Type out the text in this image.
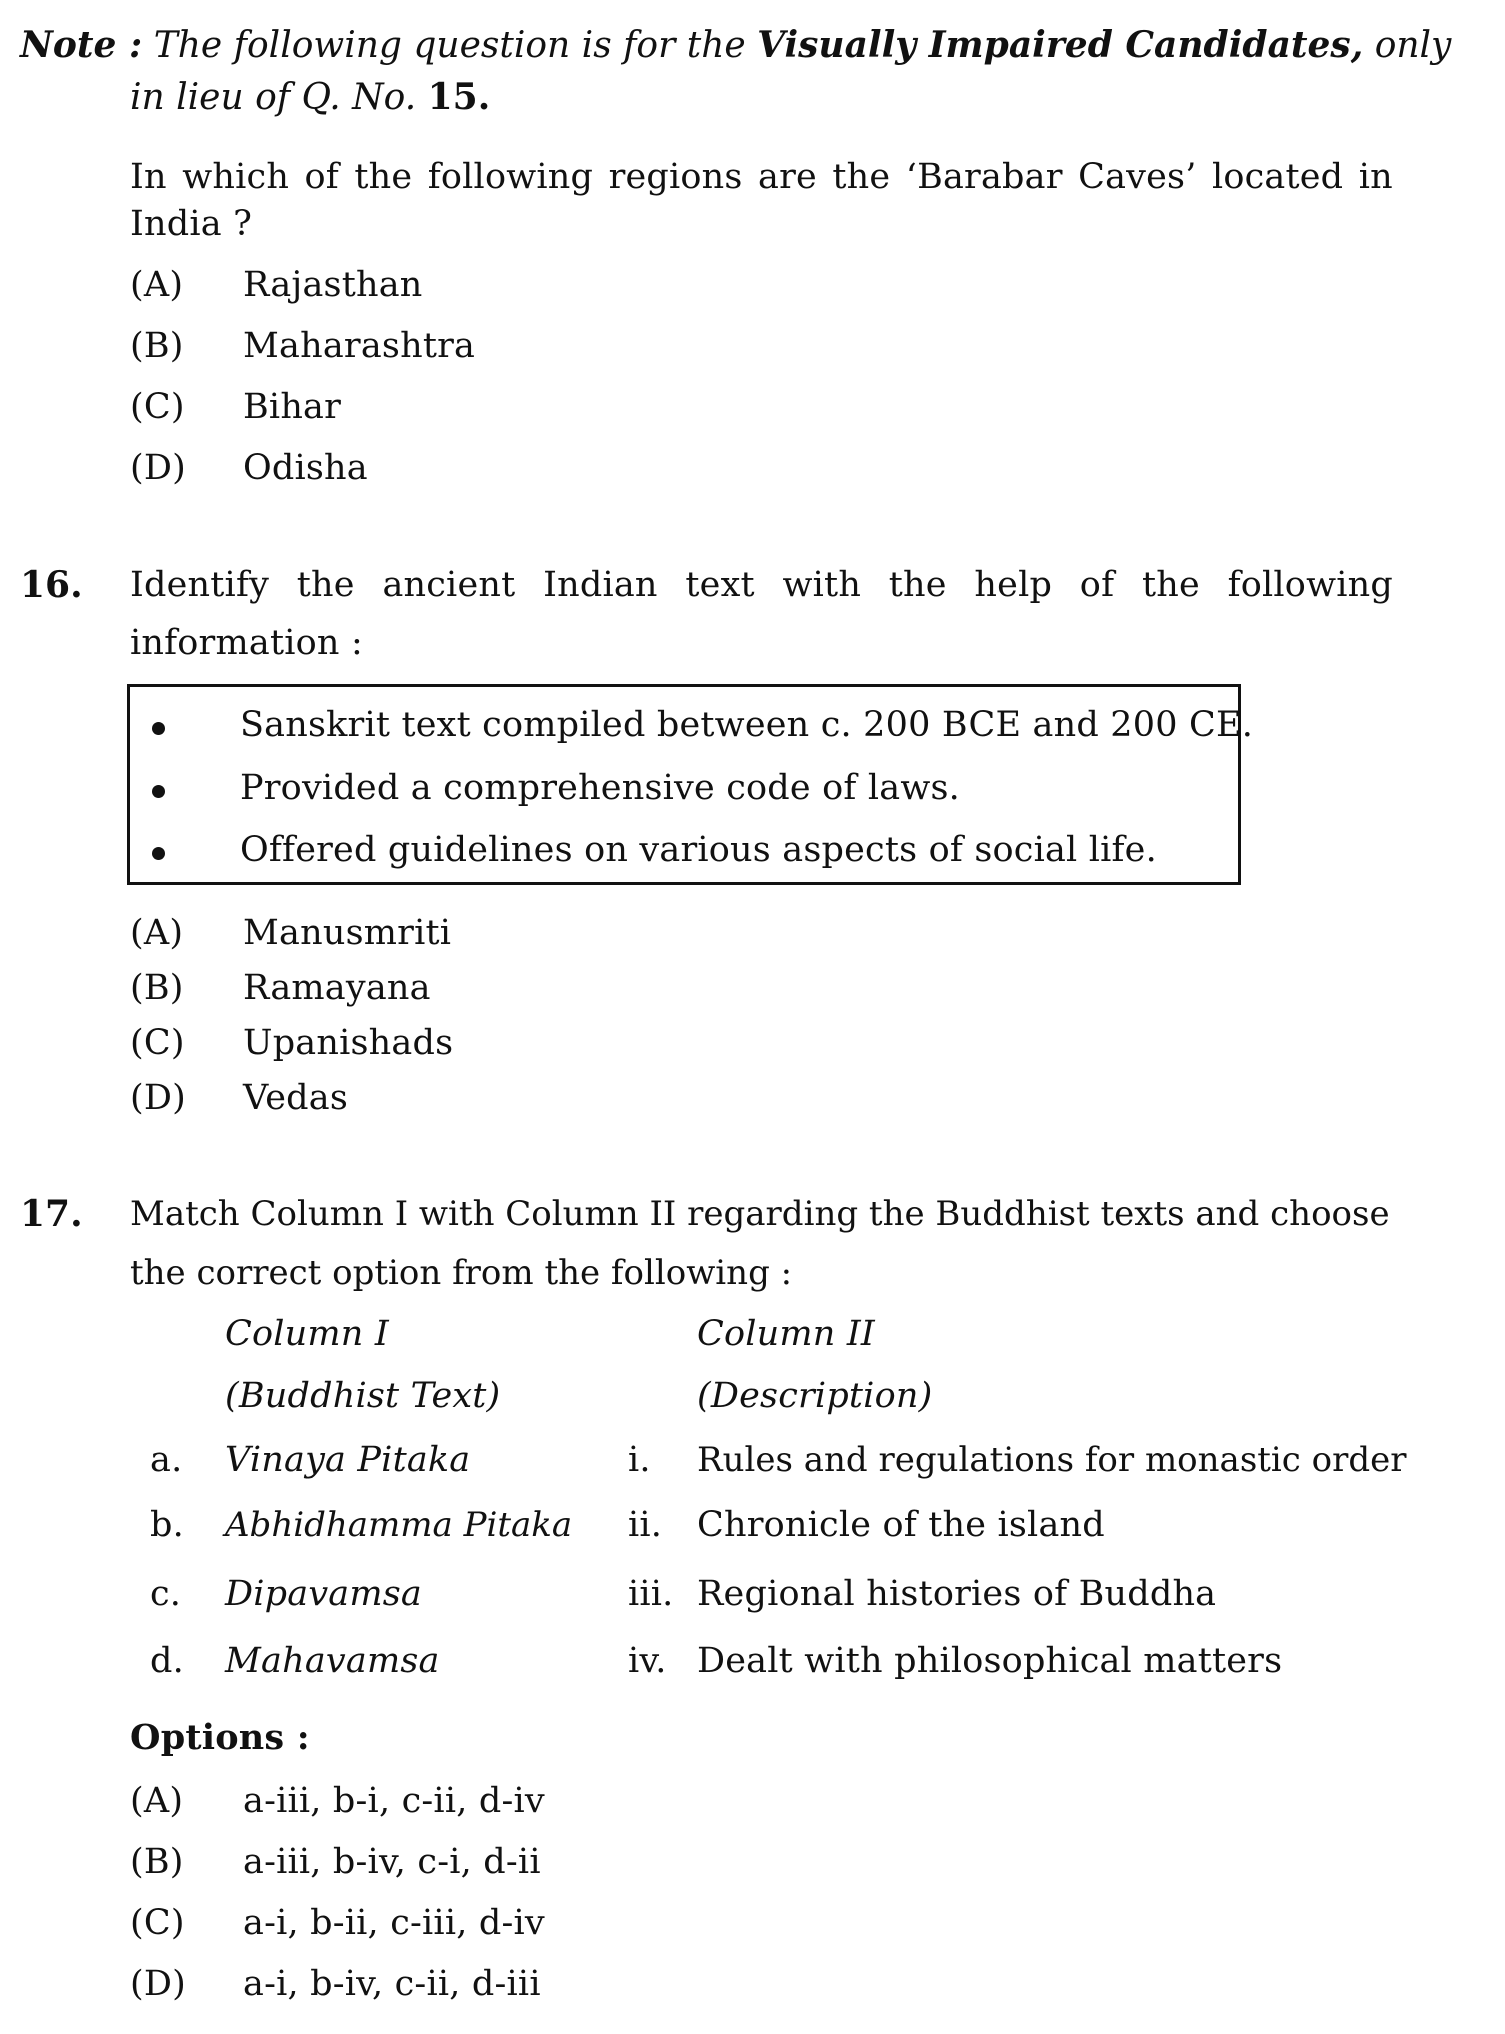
Note : The following question is for the Visually Impaired Candidates, only
in lieu of Q. No. 15.
In which of the following regions are the ‘Barabar Caves’ located in
India ?
(A) Rajasthan
(B) Maharashtra
(C) Bihar
(D) Odisha
16. Identify the ancient Indian text with the help of the following
information :
Sanskrit text compiled between c. 200 BCE and 200 CE.
Provided a comprehensive code of laws.
Offered guidelines on various aspects of social life.
(A) Manusmriti
(B) Ramayana
(C) Upanishads
(D) Vedas
17. Match Column I with Column II regarding the Buddhist texts and choose
the correct option from the following :
Column I	Column II
(Buddhist Text)	(Description)
a. Vinaya Pitaka	i. Rules and regulations for monastic order
b. Abhidhamma Pitaka ii. Chronicle of the island
c. Dipavamsa	iii. Regional histories of Buddha
d. Mahavamsa	iv. Dealt with philosophical matters
Options :
(A) a-iii, b-i, c-ii, d-iv
(B) a-iii, b-iv, c-i, d-ii
(C) a-i, b-ii, c-iii, d-iv
(D) a-i, b-iv, c-ii, d-iii
